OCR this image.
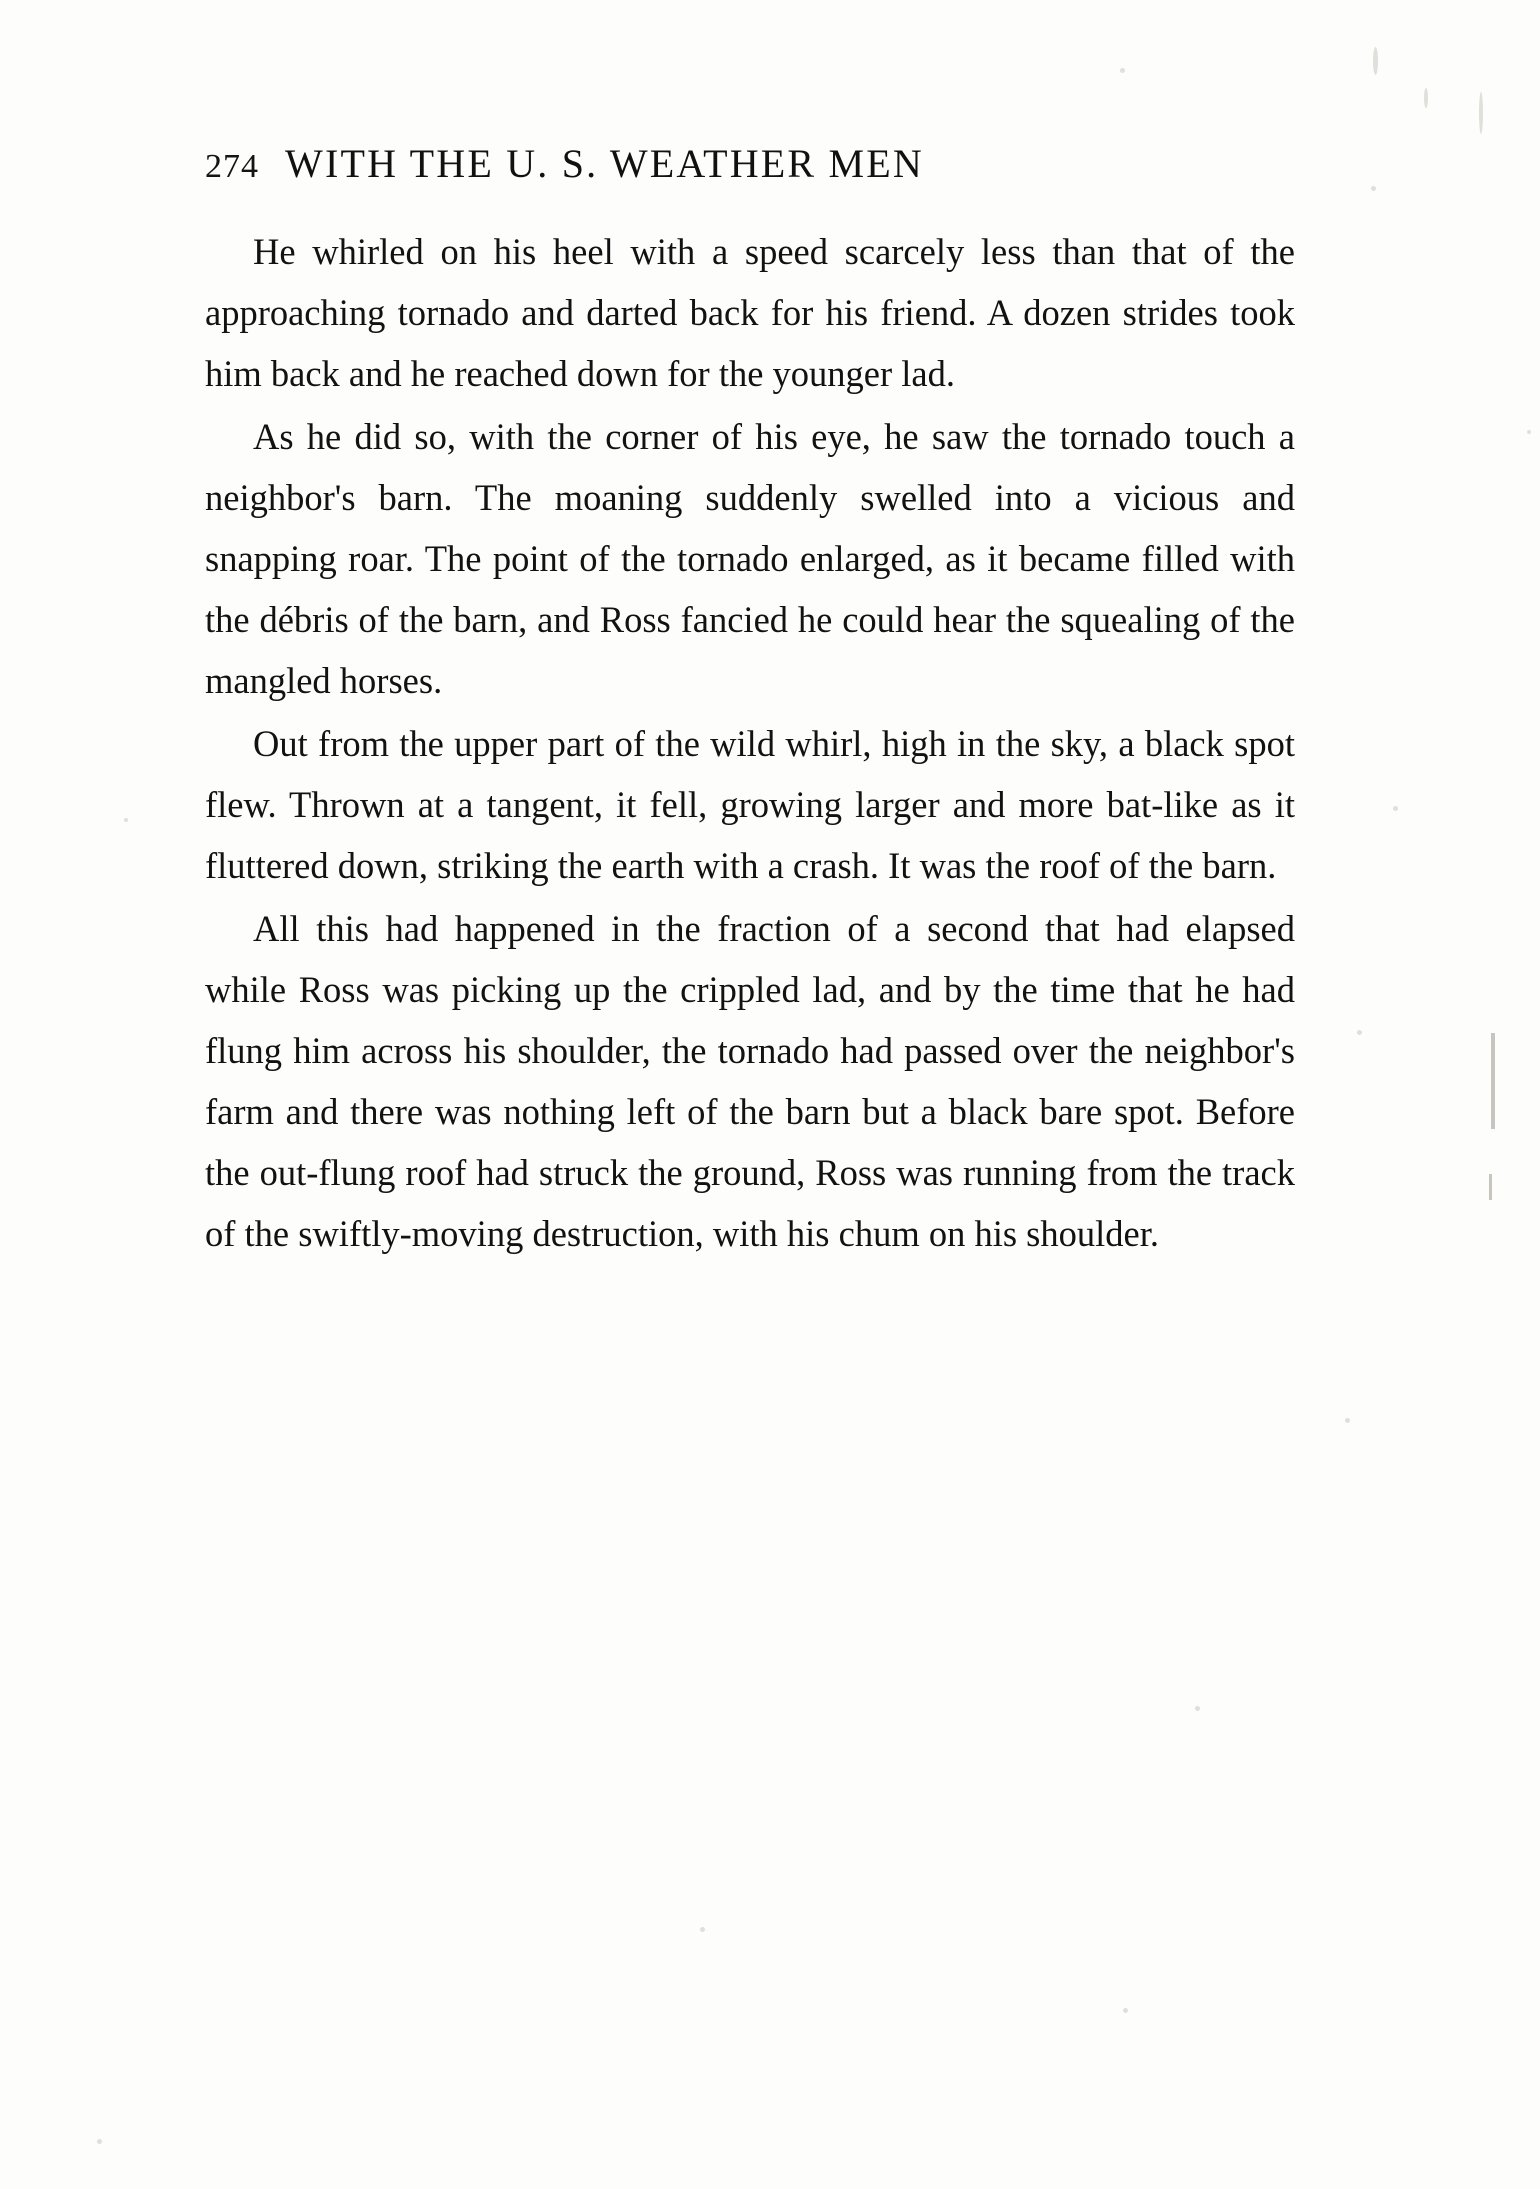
274 WITH THE U. S. WEATHER MEN

He whirled on his heel with a speed scarcely less than that of the approaching tornado and darted back for his friend. A dozen strides took him back and he reached down for the younger lad.

As he did so, with the corner of his eye, he saw the tornado touch a neighbor's barn. The moaning suddenly swelled into a vicious and snapping roar. The point of the tornado enlarged, as it became filled with the débris of the barn, and Ross fancied he could hear the squealing of the mangled horses.

Out from the upper part of the wild whirl, high in the sky, a black spot flew. Thrown at a tangent, it fell, growing larger and more bat-like as it fluttered down, striking the earth with a crash. It was the roof of the barn.

All this had happened in the fraction of a second that had elapsed while Ross was picking up the crippled lad, and by the time that he had flung him across his shoulder, the tornado had passed over the neighbor's farm and there was nothing left of the barn but a black bare spot. Before the out-flung roof had struck the ground, Ross was running from the track of the swiftly-moving destruction, with his chum on his shoulder.
